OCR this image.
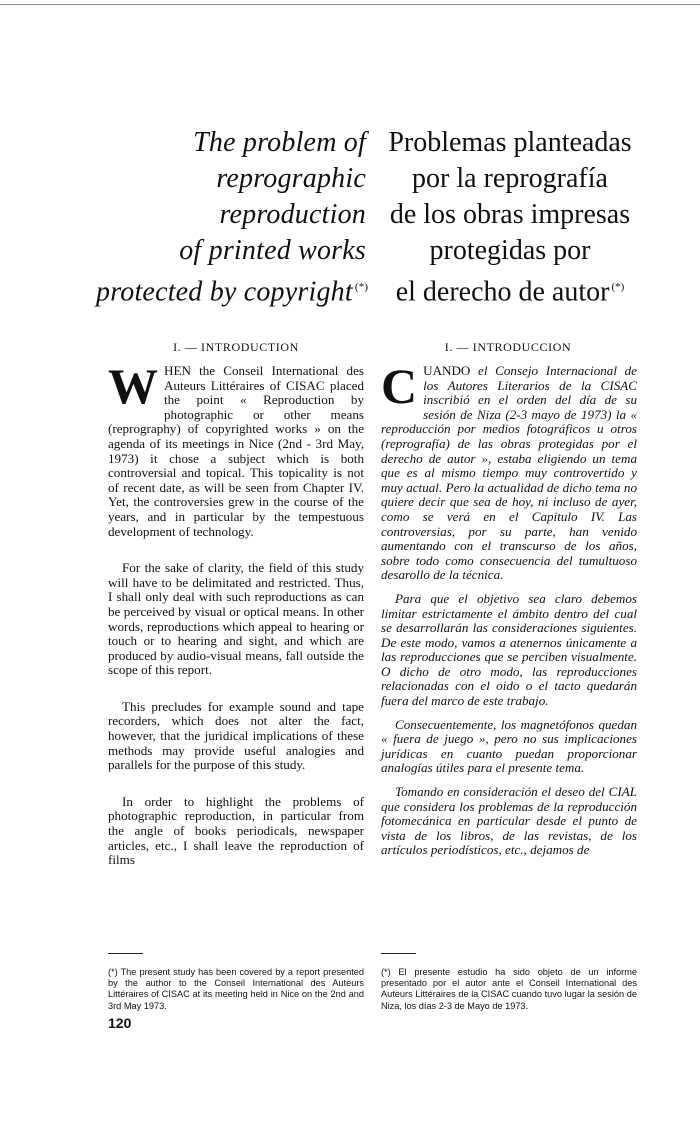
The problem of
reprographic
reproduction
of printed works
protected by copyright (*)
Problemas planteadas
por la reprografía
de los obras impresas
protegidas por
el derecho de autor (*)
I. — INTRODUCTION	I. — INTRODUCCION

WHEN the Conseil International des Auteurs Littéraires of CISAC placed the point « Reproduction by photographic or other means (reprography) of copyrighted works » on the agenda of its meetings in Nice (2nd - 3rd May, 1973) it chose a subject which is both controversial and topical. This topicality is not of recent date, as will be seen from Chapter IV. Yet, the controversies grew in the course of the years, and in particular by the tempestuous development of technology.

For the sake of clarity, the field of this study will have to be delimitated and restricted. Thus, I shall only deal with such reproductions as can be perceived by visual or optical means. In other words, reproductions which appeal to hearing or touch or to hearing and sight, and which are produced by audio-visual means, fall outside the scope of this report.

This precludes for example sound and tape recorders, which does not alter the fact, however, that the juridical implications of these methods may provide useful analogies and parallels for the purpose of this study.

In order to highlight the problems of photographic reproduction, in particular from the angle of books periodicals, newspaper articles, etc., I shall leave the reproduction of films

CUANDO el Consejo Internacional de los Autores Literarios de la CISAC inscribió en el orden del día de su sesión de Niza (2-3 mayo de 1973) la « reproducción por medios fotográficos u otros (reprografía) de las obras protegidas por el derecho de autor », estaba eligiendo un tema que es al mismo tiempo muy controvertido y muy actual. Pero la actualidad de dicho tema no quiere decir que sea de hoy, ni incluso de ayer, como se verá en el Capitulo IV. Las controversias, por su parte, han venido aumentando con el transcurso de los años, sobre todo como consecuencia del tumultuoso desarollo de la técnica.

Para que el objetivo sea claro debemos limitar estrictamente el ámbito dentro del cual se desarrollarán las consideraciones siguientes. De este modo, vamos a atenernos únicamente a las reproducciones que se perciben visualmente. O dicho de otro modo, las reproducciones relacionadas con el oido o el tacto quedarán fuera del marco de este trabajo.

Consecuentemente, los magnetófonos quedan « fuera de juego », pero no sus implicaciones jurídicas en cuanto puedan proporcionar analogías útiles para el presente tema.

Tomando en consideración el deseo del CIAL que considera los problemas de la reproducción fotomecánica en particular desde el punto de vista de los libros, de las revistas, de los artículos periodísticos, etc., dejamos de

(*) The present study has been covered by a report presented by the author to the Conseil International des Auteurs Littéraires of CISAC at its meeting held in Nice on the 2nd and 3rd May 1973.
(*) El presente estudio ha sido objeto de un informe presentado por el autor ante el Conseil International des Auteurs Littéraires de la CISAC cuando tuvo lugar la sesión de Niza, los días 2-3 de Mayo de 1973.
120
